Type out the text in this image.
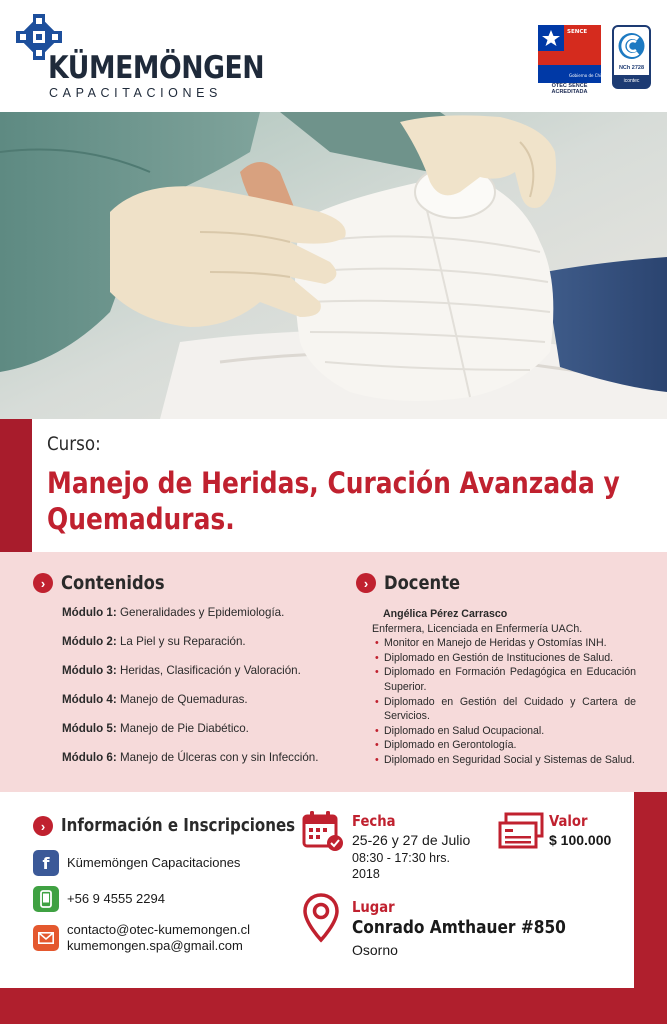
KÜMEMÖNGEN
CAPACITACIONES
SENCE
Gobierno de Chile
OTEC SENCE ACREDITADA
NCh 2728
icontec
Curso:
Manejo de Heridas, Curación Avanzada y
Quemaduras.
› Contenidos
Módulo 1: Generalidades y Epidemiología.
Módulo 2: La Piel y su Reparación.
Módulo 3: Heridas, Clasificación y Valoración.
Módulo 4: Manejo de Quemaduras.
Módulo 5: Manejo de Pie Diabético.
Módulo 6: Manejo de Úlceras con y sin Infección.
› Docente
Angélica Pérez Carrasco
Enfermera, Licenciada en Enfermería UACh.
• Monitor en Manejo de Heridas y Ostomías INH.
• Diplomado en Gestión de Instituciones de Salud.
• Diplomado en Formación Pedagógica en Educación Superior.
• Diplomado en Gestión del Cuidado y Cartera de Servicios.
• Diplomado en Salud Ocupacional.
• Diplomado en Gerontología.
• Diplomado en Seguridad Social y Sistemas de Salud.
› Información e Inscripciones
f	Kümemöngen Capacitaciones
+56 9 4555 2294
contacto@otec-kumemongen.cl
kumemongen.spa@gmail.com
Fecha
25-26 y 27 de Julio
08:30 - 17:30 hrs.
2018
Valor
$ 100.000
Lugar
Conrado Amthauer #850
Osorno
